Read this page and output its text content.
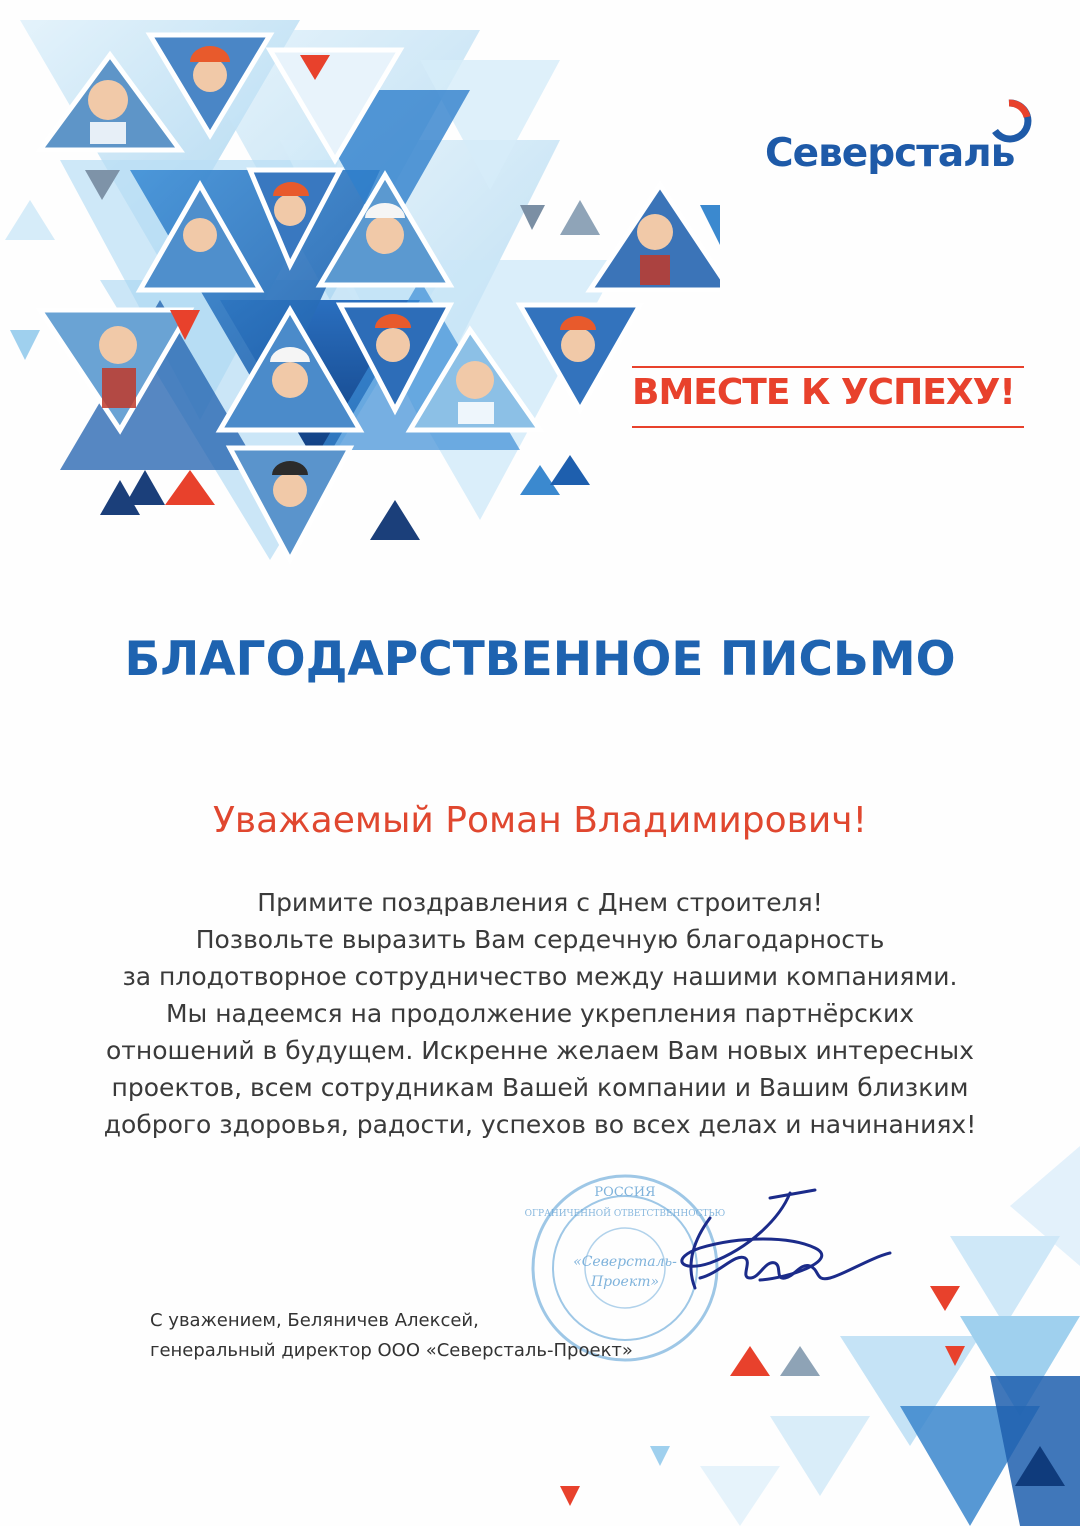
Северсталь
ВМЕСТЕ К УСПЕХУ!
БЛАГОДАРСТВЕННОЕ ПИСЬМО
Уважаемый Роман Владимирович!
Примите поздравления с Днем строителя!
Позвольте выразить Вам сердечную благодарность
за плодотворное сотрудничество между нашими компаниями.
Мы надеемся на продолжение укрепления партнёрских
отношений в будущем. Искренне желаем Вам новых интересных
проектов, всем сотрудникам Вашей компании и Вашим близким
доброго здоровья, радости, успехов во всех делах и начинаниях!
РОССИЯ
ОГРАНИЧЕННОЙ ОТВЕТСТВЕННОСТЬЮ
«Северсталь-
Проект»
С уважением, Беляничев Алексей,
генеральный директор ООО «Северсталь-Проект»
